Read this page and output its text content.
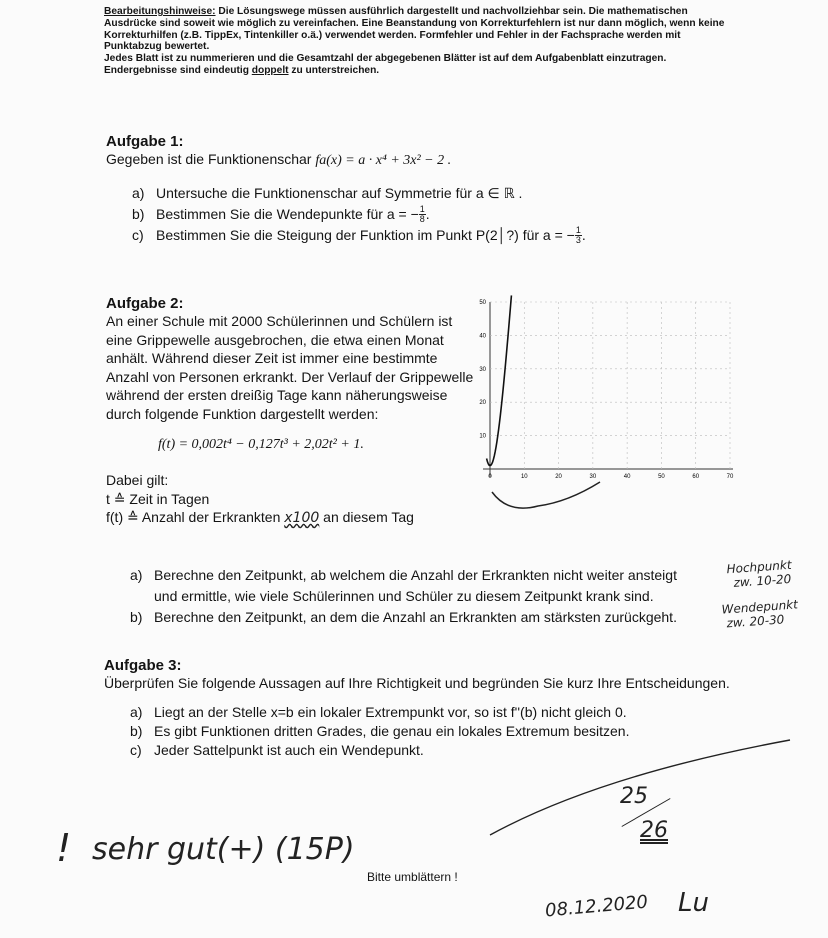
Bearbeitungshinweise: Die Lösungswege müssen ausführlich dargestellt und nachvollziehbar sein. Die mathematischen Ausdrücke sind soweit wie möglich zu vereinfachen. Eine Beanstandung von Korrekturfehlern ist nur dann möglich, wenn keine Korrekturhilfen (z.B. TippEx, Tintenkiller o.ä.) verwendet werden. Formfehler und Fehler in der Fachsprache werden mit Punktabzug bewertet.
Jedes Blatt ist zu nummerieren und die Gesamtzahl der abgegebenen Blätter ist auf dem Aufgabenblatt einzutragen.
Endergebnisse sind eindeutig doppelt zu unterstreichen.
Aufgabe 1:
Gegeben ist die Funktionenschar fa(x) = a · x⁴ + 3x² − 2 .
a) Untersuche die Funktionenschar auf Symmetrie für a ∈ ℝ .
b) Bestimmen Sie die Wendepunkte für a = − $\frac{1}{8}$ .
c) Bestimmen Sie die Steigung der Funktion im Punkt P(2│?) für a = − $\frac{1}{3}$ .
Aufgabe 2:
An einer Schule mit 2000 Schülerinnen und Schülern ist eine Grippewelle ausgebrochen, die etwa einen Monat anhält. Während dieser Zeit ist immer eine bestimmte Anzahl von Personen erkrankt. Der Verlauf der Grippewelle während der ersten dreißig Tage kann näherungsweise durch folgende Funktion dargestellt werden:
f(t) = 0,002t⁴ − 0,127t³ + 2,02t² + 1.
Dabei gilt:
t ≙ Zeit in Tagen
f(t) ≙ Anzahl der Erkrankten x100 an diesem Tag
0	10	20	30	40	50	60	70
10
20
30
40
50
a) Berechne den Zeitpunkt, ab welchem die Anzahl der Erkrankten nicht weiter ansteigt
und ermittle, wie viele Schülerinnen und Schüler zu diesem Zeitpunkt krank sind.
b) Berechne den Zeitpunkt, an dem die Anzahl an Erkrankten am stärksten zurückgeht.
Hochpunkt
zw. 10-20
Wendepunkt
zw. 20-30
Aufgabe 3:
Überprüfen Sie folgende Aussagen auf Ihre Richtigkeit und begründen Sie kurz Ihre Entscheidungen.
a) Liegt an der Stelle x=b ein lokaler Extrempunkt vor, so ist f''(b) nicht gleich 0.
b) Es gibt Funktionen dritten Grades, die genau ein lokales Extremum besitzen.
c) Jeder Sattelpunkt ist auch ein Wendepunkt.
25
26
! sehr gut(+) (15P)
Bitte umblättern !
08.12.2020 Lu
